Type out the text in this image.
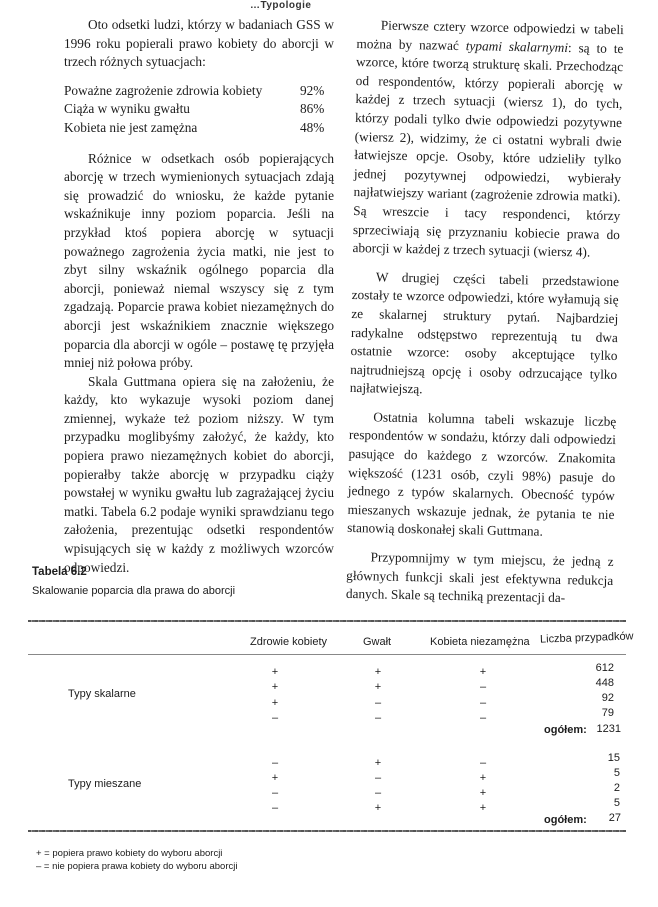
…Typologie

Oto odsetki ludzi, którzy w badaniach GSS w 1996 roku popierali prawo kobiety do aborcji w trzech różnych sytuacjach:

Poważne zagrożenie zdrowia kobiety	92%
Ciąża w wyniku gwałtu	86%
Kobieta nie jest zamężna	48%

Różnice w odsetkach osób popierających aborcję w trzech wymienionych sytuacjach zdają się prowadzić do wniosku, że każde pytanie wskaźnikuje inny poziom poparcia. Jeśli na przykład ktoś popiera aborcję w sytuacji poważnego zagrożenia życia matki, nie jest to zbyt silny wskaźnik ogólnego poparcia dla aborcji, ponieważ niemal wszyscy się z tym zgadzają. Poparcie prawa kobiet niezamężnych do aborcji jest wskaźnikiem znacznie większego poparcia dla aborcji w ogóle – postawę tę przyjęła mniej niż połowa próby.

Skala Guttmana opiera się na założeniu, że każdy, kto wykazuje wysoki poziom danej zmiennej, wykaże też poziom niższy. W tym przypadku moglibyśmy założyć, że każdy, kto popiera prawo niezamężnych kobiet do aborcji, popierałby także aborcję w przypadku ciąży powstałej w wyniku gwałtu lub zagrażającej życiu matki. Tabela 6.2 podaje wyniki sprawdzianu tego założenia, prezentując odsetki respondentów wpisujących się w każdy z możliwych wzorców odpowiedzi.

Pierwsze cztery wzorce odpowiedzi w tabeli można by nazwać typami skalarnymi: są to te wzorce, które tworzą strukturę skali. Przechodząc od respondentów, którzy popierali aborcję w każdej z trzech sytuacji (wiersz 1), do tych, którzy podali tylko dwie odpowiedzi pozytywne (wiersz 2), widzimy, że ci ostatni wybrali dwie łatwiejsze opcje. Osoby, które udzieliły tylko jednej pozytywnej odpowiedzi, wybierały najłatwiejszy wariant (zagrożenie zdrowia matki). Są wreszcie i tacy respondenci, którzy sprzeciwiają się przyznaniu kobiecie prawa do aborcji w każdej z trzech sytuacji (wiersz 4).

W drugiej części tabeli przedstawione zostały te wzorce odpowiedzi, które wyłamują się ze skalarnej struktury pytań. Najbardziej radykalne odstępstwo reprezentują tu dwa ostatnie wzorce: osoby akceptujące tylko najtrudniejszą opcję i osoby odrzucające tylko najłatwiejszą.

Ostatnia kolumna tabeli wskazuje liczbę respondentów w sondażu, którzy dali odpowiedzi pasujące do każdego z wzorców. Znakomita większość (1231 osób, czyli 98%) pasuje do jednego z typów skalarnych. Obecność typów mieszanych wskazuje jednak, że pytania te nie stanowią doskonałej skali Guttmana.

Przypomnijmy w tym miejscu, że jedną z głównych funkcji skali jest efektywna redukcja danych. Skale są techniką prezentacji da-

Tabela 6.2
Skalowanie poparcia dla prawa do aborcji
Zdrowie kobiety	Gwałt	Kobieta niezamężna Liczba przypadków
Typy skalarne
+	+	+	612
+	+	–	448
+	–	–	92
–	–	–	79
ogółem: 1231
Typy mieszane
–	+	–	15
+	–	+	5
–	–	+	2
–	+	+	5
ogółem:	27
+ = popiera prawo kobiety do wyboru aborcji
– = nie popiera prawa kobiety do wyboru aborcji
